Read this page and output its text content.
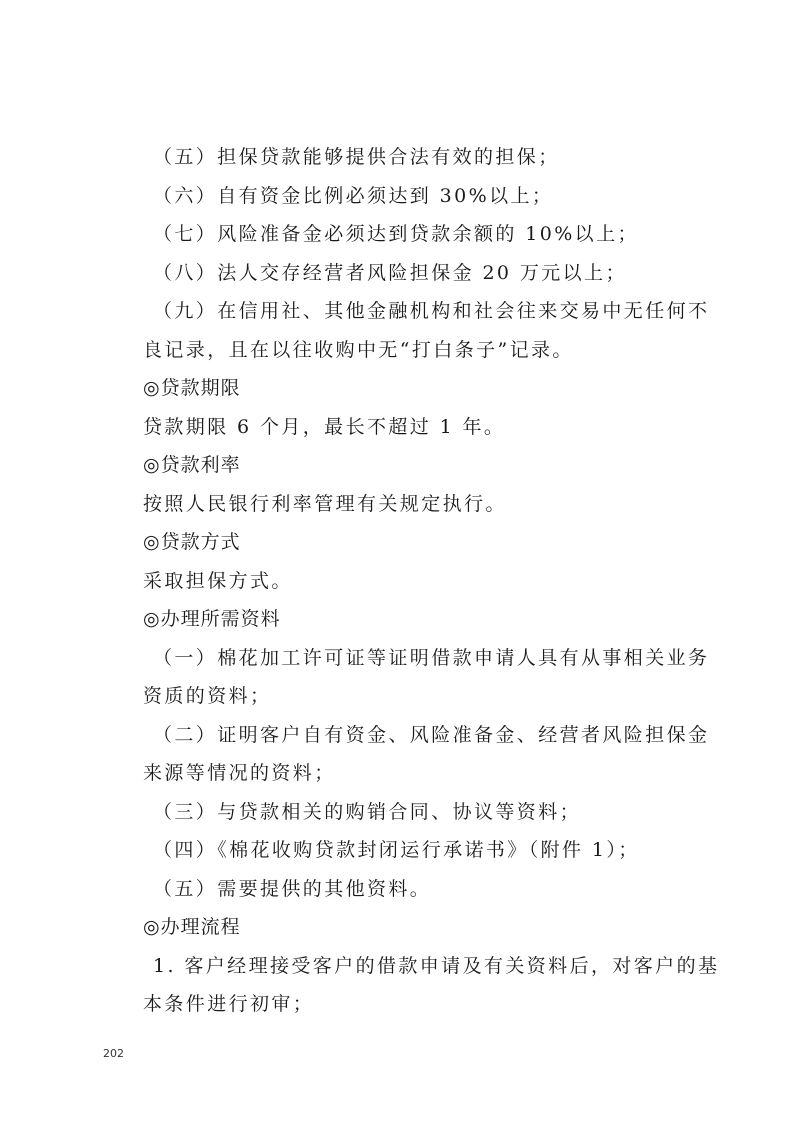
（五）担保贷款能够提供合法有效的担保；
（六）自有资金比例必须达到 30%以上；
（七）风险准备金必须达到贷款余额的 10%以上；
（八）法人交存经营者风险担保金 20 万元以上；
（九）在信用社、其他金融机构和社会往来交易中无任何不
良记录，且在以往收购中无“打白条子”记录。
◎贷款期限
贷款期限 6 个月，最长不超过 1 年。
◎贷款利率
按照人民银行利率管理有关规定执行。
◎贷款方式
采取担保方式。
◎办理所需资料
（一）棉花加工许可证等证明借款申请人具有从事相关业务
资质的资料；
（二）证明客户自有资金、风险准备金、经营者风险担保金
来源等情况的资料；
（三）与贷款相关的购销合同、协议等资料；
（四）《棉花收购贷款封闭运行承诺书》（附件 1）；
（五）需要提供的其他资料。
◎办理流程
1. 客户经理接受客户的借款申请及有关资料后，对客户的基
本条件进行初审；
202
